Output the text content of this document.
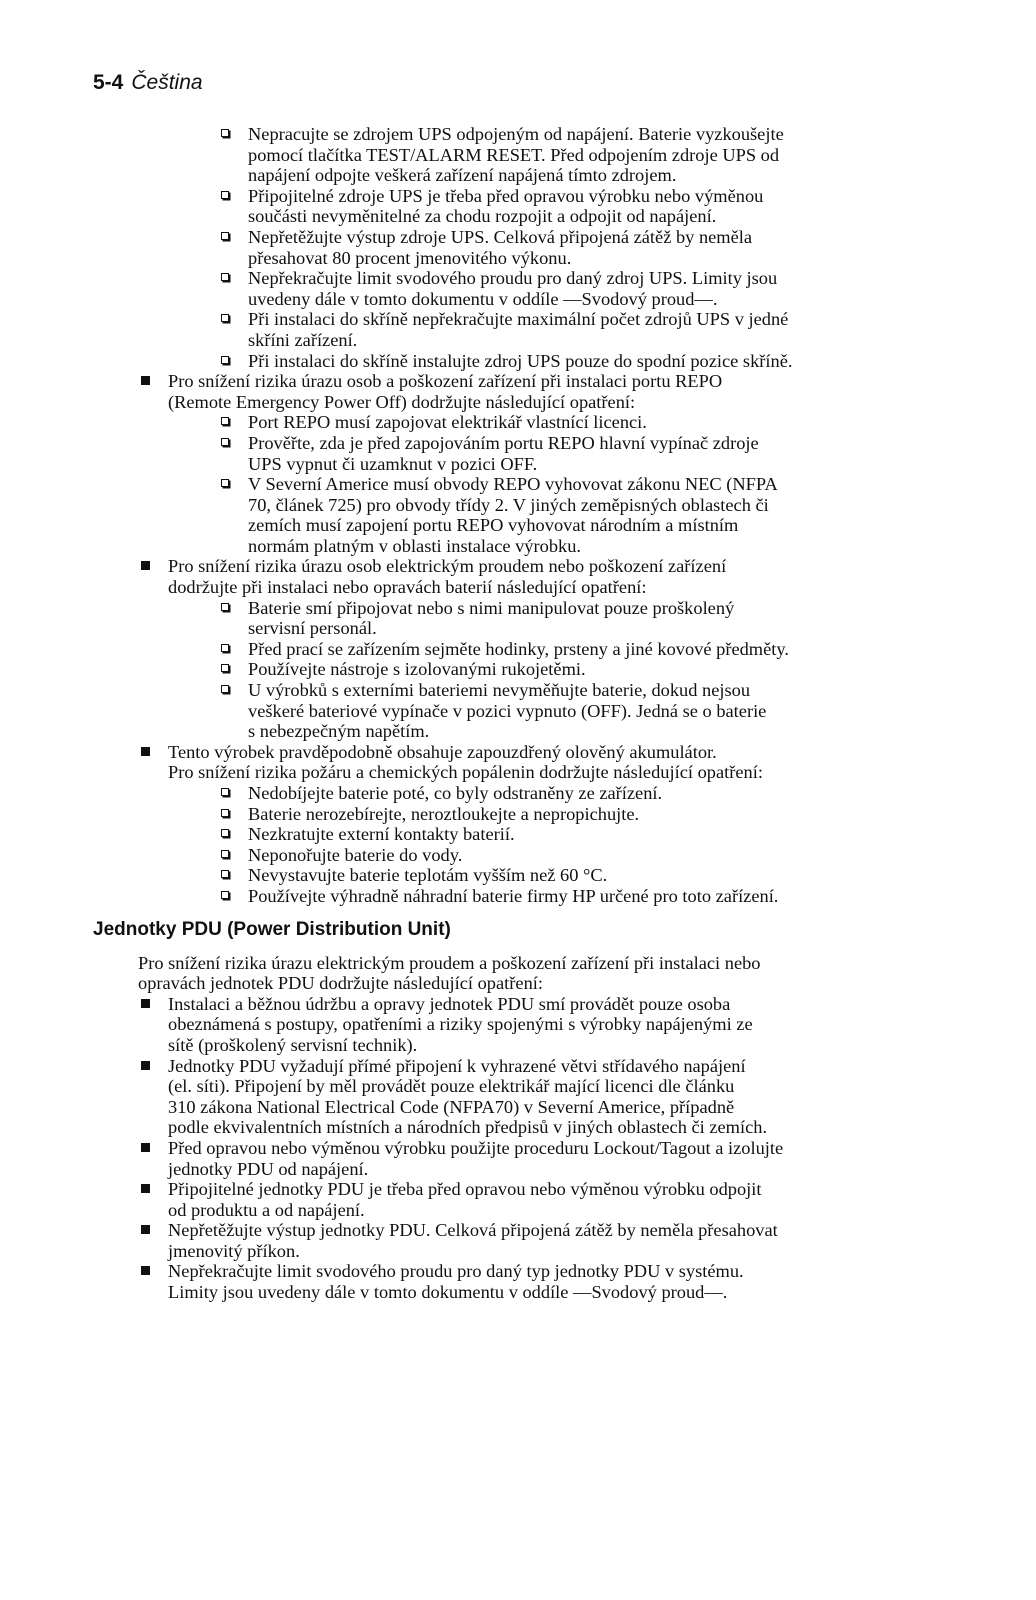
5-4 Čeština
Nepracujte se zdrojem UPS odpojeným od napájení. Baterie vyzkoušejte
pomocí tlačítka TEST/ALARM RESET. Před odpojením zdroje UPS od
napájení odpojte veškerá zařízení napájená tímto zdrojem.
Připojitelné zdroje UPS je třeba před opravou výrobku nebo výměnou
součásti nevyměnitelné za chodu rozpojit a odpojit od napájení.
Nepřetěžujte výstup zdroje UPS. Celková připojená zátěž by neměla
přesahovat 80 procent jmenovitého výkonu.
Nepřekračujte limit svodového proudu pro daný zdroj UPS. Limity jsou
uvedeny dále v tomto dokumentu v oddíle —Svodový proud—.
Při instalaci do skříně nepřekračujte maximální počet zdrojů UPS v jedné
skříni zařízení.
Při instalaci do skříně instalujte zdroj UPS pouze do spodní pozice skříně.
Pro snížení rizika úrazu osob a poškození zařízení při instalaci portu REPO
(Remote Emergency Power Off) dodržujte následující opatření:
Port REPO musí zapojovat elektrikář vlastnící licenci.
Prověřte, zda je před zapojováním portu REPO hlavní vypínač zdroje
UPS vypnut či uzamknut v pozici OFF.
V Severní Americe musí obvody REPO vyhovovat zákonu NEC (NFPA
70, článek 725) pro obvody třídy 2. V jiných zeměpisných oblastech či
zemích musí zapojení portu REPO vyhovovat národním a místním
normám platným v oblasti instalace výrobku.
Pro snížení rizika úrazu osob elektrickým proudem nebo poškození zařízení
dodržujte při instalaci nebo opravách baterií následující opatření:
Baterie smí připojovat nebo s nimi manipulovat pouze proškolený
servisní personál.
Před prací se zařízením sejměte hodinky, prsteny a jiné kovové předměty.
Používejte nástroje s izolovanými rukojetěmi.
U výrobků s externími bateriemi nevyměňujte baterie, dokud nejsou
veškeré bateriové vypínače v pozici vypnuto (OFF). Jedná se o baterie
s nebezpečným napětím.
Tento výrobek pravděpodobně obsahuje zapouzdřený olověný akumulátor.
Pro snížení rizika požáru a chemických popálenin dodržujte následující opatření:
Nedobíjejte baterie poté, co byly odstraněny ze zařízení.
Baterie nerozebírejte, neroztloukejte a nepropichujte.
Nezkratujte externí kontakty baterií.
Neponořujte baterie do vody.
Nevystavujte baterie teplotám vyšším než 60 °C.
Používejte výhradně náhradní baterie firmy HP určené pro toto zařízení.
Jednotky PDU (Power Distribution Unit)
Pro snížení rizika úrazu elektrickým proudem a poškození zařízení při instalaci nebo
opravách jednotek PDU dodržujte následující opatření:
Instalaci a běžnou údržbu a opravy jednotek PDU smí provádět pouze osoba
obeznámená s postupy, opatřeními a riziky spojenými s výrobky napájenými ze
sítě (proškolený servisní technik).
Jednotky PDU vyžadují přímé připojení k vyhrazené větvi střídavého napájení
(el. síti). Připojení by měl provádět pouze elektrikář mající licenci dle článku
310 zákona National Electrical Code (NFPA70) v Severní Americe, případně
podle ekvivalentních místních a národních předpisů v jiných oblastech či zemích.
Před opravou nebo výměnou výrobku použijte proceduru Lockout/Tagout a izolujte
jednotky PDU od napájení.
Připojitelné jednotky PDU je třeba před opravou nebo výměnou výrobku odpojit
od produktu a od napájení.
Nepřetěžujte výstup jednotky PDU. Celková připojená zátěž by neměla přesahovat
jmenovitý příkon.
Nepřekračujte limit svodového proudu pro daný typ jednotky PDU v systému.
Limity jsou uvedeny dále v tomto dokumentu v oddíle —Svodový proud—.
